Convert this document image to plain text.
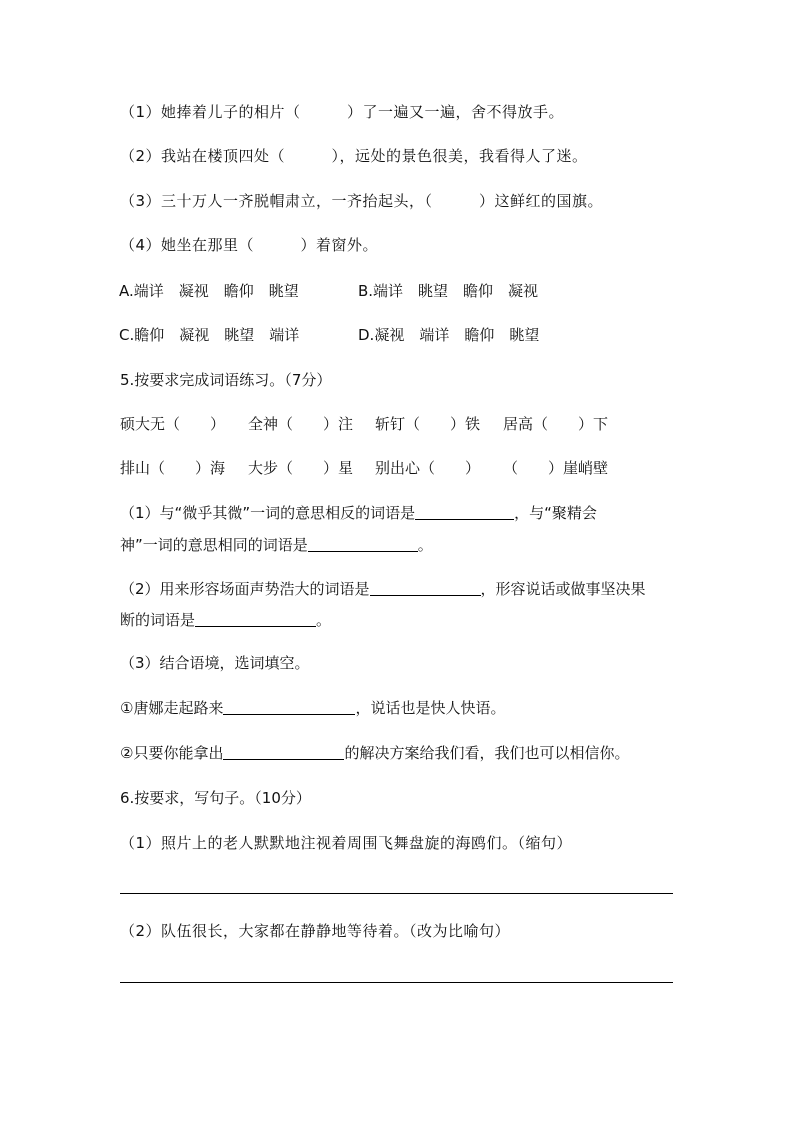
（1）她捧着儿子的相片（　　　）了一遍又一遍，舍不得放手。
（2）我站在楼顶四处（　　　），远处的景色很美，我看得人了迷。
（3）三十万人一齐脱帽肃立，一齐抬起头，（　　　）这鲜红的国旗。
（4）她坐在那里（　　　）着窗外。
A.端详　凝视　瞻仰　眺望	B.端详　眺望　瞻仰　凝视
C.瞻仰　凝视　眺望　端详	D.凝视　端详　瞻仰　眺望
5.按要求完成词语练习。（7分）
硕大无（　　） 全神（　　）注 斩钉（　　）铁 居高（　　）下
排山（　　）海 大步（　　）星 别出心（　　） （　　）崖峭壁
（1）与“微乎其微”一词的意思相反的词语是	，与“聚精会
神”一词的意思相同的词语是	。
（2）用来形容场面声势浩大的词语是	，形容说话或做事坚决果
断的词语是	。
（3）结合语境，选词填空。
①唐娜走起路来	，说话也是快人快语。
②只要你能拿出	的解决方案给我们看，我们也可以相信你。
6.按要求，写句子。（10分）
（1）照片上的老人默默地注视着周围飞舞盘旋的海鸥们。（缩句）
（2）队伍很长，大家都在静静地等待着。（改为比喻句）
